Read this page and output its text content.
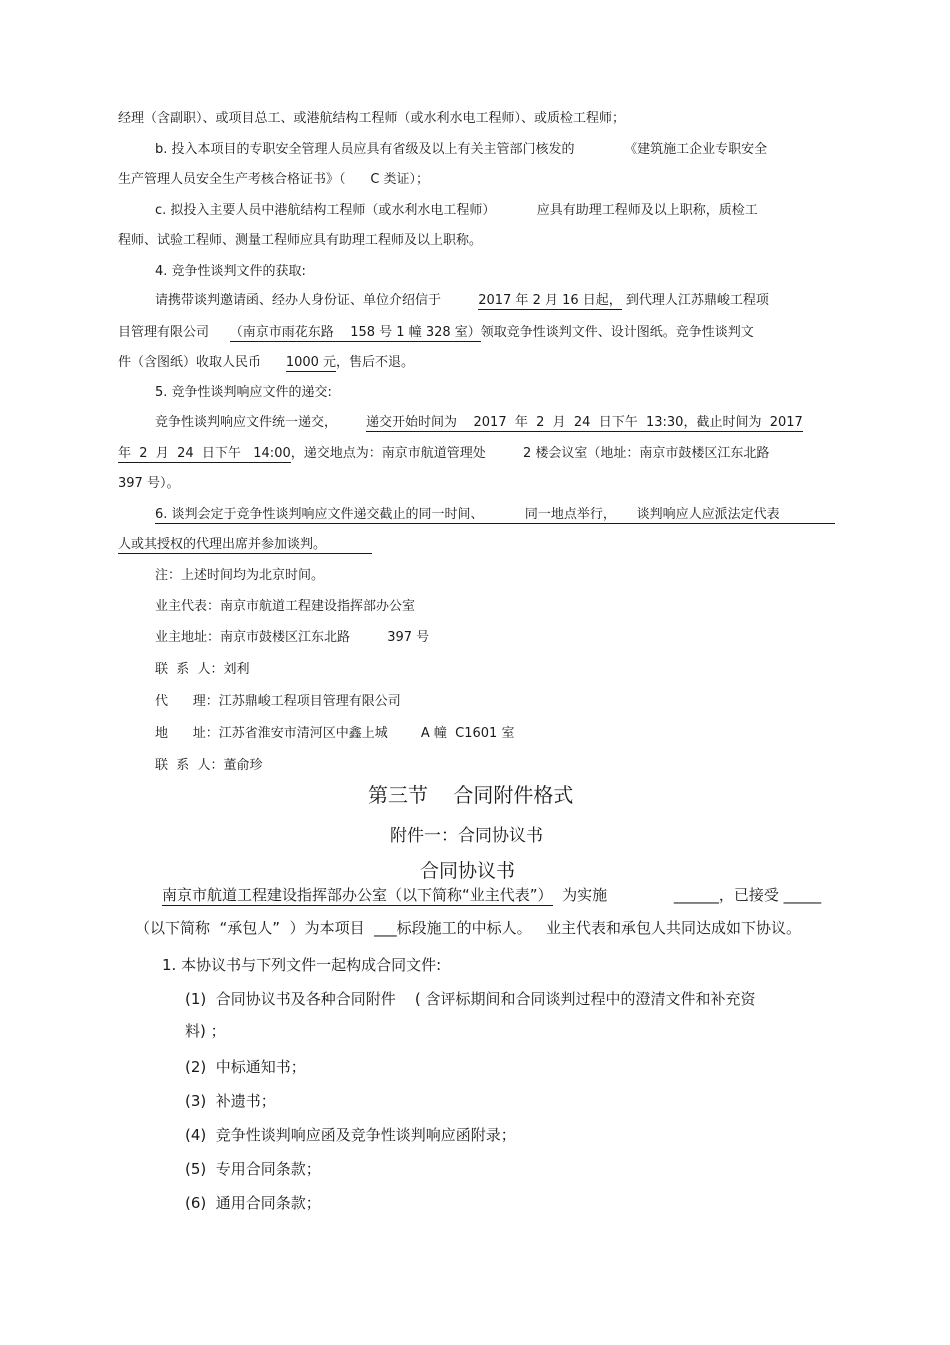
经理（含副职）、或项目总工、或港航结构工程师（或水利水电工程师）、或质检工程师；
b. 投入本项目的专职安全管理人员应具有省级及以上有关主管部门核发的	《建筑施工企业专职安全
生产管理人员安全生产考核合格证书》（ C 类证）；
c. 拟投入主要人员中港航结构工程师（或水利水电工程师）	应具有助理工程师及以上职称，质检工
程师、试验工程师、测量工程师应具有助理工程师及以上职称。
4. 竞争性谈判文件的获取:
请携带谈判邀请函、经办人身份证、单位介绍信于	2017 年 2 月 16 日起， 到代理人江苏鼎峻工程项
目管理有限公司 （南京市雨花东路 158 号 1 幢 328 室）领取竞争性谈判文件、设计图纸。竞争性谈判文
件（含图纸）收取人民币 1000 元，售后不退。
5. 竞争性谈判响应文件的递交:
竞争性谈判响应文件统一递交， 递交开始时间为 2017  年  2  月  24  日下午  13:30，截止时间为  2017
年  2  月  24  日下午   14:00，递交地点为：南京市航道管理处	2 楼会议室（地址：南京市鼓楼区江东北路
397 号）。
6. 谈判会定于竞争性谈判响应文件递交截止的同一时间、	同一地点举行， 谈判响应人应派法定代表
人或其授权的代理出席并参加谈判。
注：上述时间均为北京时间。
业主代表：南京市航道工程建设指挥部办公室
业主地址：南京市鼓楼区江东北路	397 号
联  系  人：刘利
代      理：江苏鼎峻工程项目管理有限公司
地      址：江苏省淮安市清河区中鑫上城	A 幢  C1601 室
联  系  人：董俞珍
第三节    合同附件格式
附件一：合同协议书
合同协议书
南京市航道工程建设指挥部办公室（以下简称“业主代表”） 为实施	______，已接受 _____
（以下简称  “承包人”  ）为本项目  ___标段施工的中标人。 业主代表和承包人共同达成如下协议。
1. 本协议书与下列文件一起构成合同文件:
(1) 合同协议书及各种合同附件    ( 含评标期间和合同谈判过程中的澄清文件和补充资
料) ；
(2) 中标通知书；
(3) 补遗书；
(4) 竞争性谈判响应函及竞争性谈判响应函附录；
(5) 专用合同条款；
(6) 通用合同条款；
